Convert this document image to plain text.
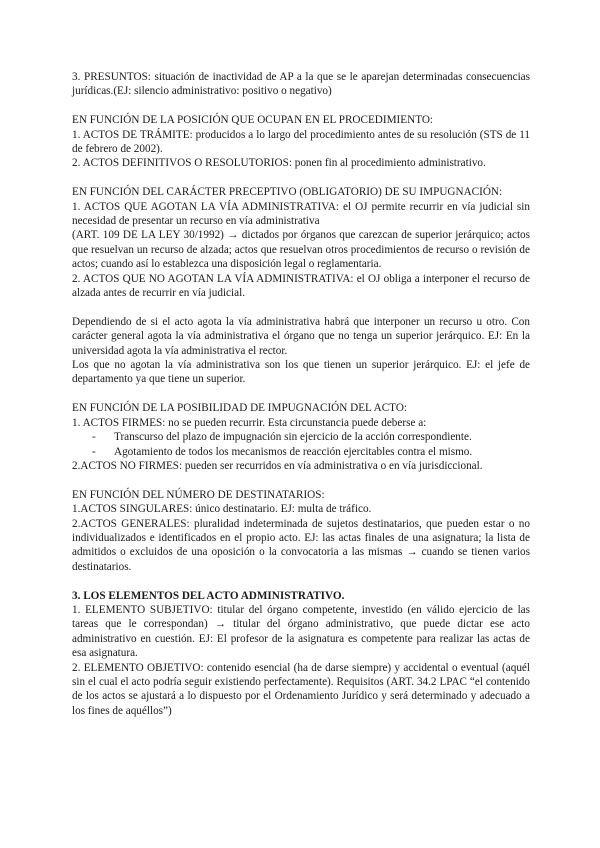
3. PRESUNTOS: situación de inactividad de AP a la que se le aparejan determinadas consecuencias jurídicas.(EJ: silencio administrativo: positivo o negativo)

EN FUNCIÓN DE LA POSICIÓN QUE OCUPAN EN EL PROCEDIMIENTO:

1. ACTOS DE TRÁMITE: producidos a lo largo del procedimiento antes de su resolución (STS de 11 de febrero de 2002).

2. ACTOS DEFINITIVOS O RESOLUTORIOS: ponen fin al procedimiento administrativo.

EN FUNCIÓN DEL CARÁCTER PRECEPTIVO (OBLIGATORIO) DE SU IMPUGNACIÓN:

1. ACTOS QUE AGOTAN LA VÍA ADMINISTRATIVA: el OJ permite recurrir en vía judicial sin necesidad de presentar un recurso en vía administrativa

(ART. 109 DE LA LEY 30/1992) → dictados por órganos que carezcan de superior jerárquico; actos que resuelvan un recurso de alzada; actos que resuelvan otros procedimientos de recurso o revisión de actos; cuando así lo establezca una disposición legal o reglamentaria.

2. ACTOS QUE NO AGOTAN LA VÍA ADMINISTRATIVA: el OJ obliga a interponer el recurso de alzada antes de recurrir en vía judicial.

Dependiendo de si el acto agota la vía administrativa habrá que interponer un recurso u otro. Con carácter general agota la vía administrativa el órgano que no tenga un superior jerárquico. EJ: En la universidad agota la vía administrativa el rector.

Los que no agotan la vía administrativa son los que tienen un superior jerárquico. EJ: el jefe de departamento ya que tiene un superior.

EN FUNCIÓN DE LA POSIBILIDAD DE IMPUGNACIÓN DEL ACTO:

1. ACTOS FIRMES: no se pueden recurrir. Esta circunstancia puede deberse a:

- Transcurso del plazo de impugnación sin ejercicio de la acción correspondiente.
- Agotamiento de todos los mecanismos de reacción ejercitables contra el mismo.

2.ACTOS NO FIRMES: pueden ser recurridos en vía administrativa o en vía jurisdiccional.

EN FUNCIÓN DEL NÚMERO DE DESTINATARIOS:

1.ACTOS SINGULARES: único destinatario. EJ: multa de tráfico.

2.ACTOS GENERALES: pluralidad indeterminada de sujetos destinatarios, que pueden estar o no individualizados e identificados en el propio acto. EJ: las actas finales de una asignatura; la lista de admitidos o excluidos de una oposición o la convocatoria a las mismas → cuando se tienen varios destinatarios.

3. LOS ELEMENTOS DEL ACTO ADMINISTRATIVO.

1. ELEMENTO SUBJETIVO: titular del órgano competente, investido (en válido ejercicio de las tareas que le correspondan) → titular del órgano administrativo, que puede dictar ese acto administrativo en cuestión. EJ: El profesor de la asignatura es competente para realizar las actas de esa asignatura.

2. ELEMENTO OBJETIVO: contenido esencial (ha de darse siempre) y accidental o eventual (aquél sin el cual el acto podría seguir existiendo perfectamente). Requisitos (ART. 34.2 LPAC “el contenido de los actos se ajustará a lo dispuesto por el Ordenamiento Jurídico y será determinado y adecuado a los fines de aquéllos”)
